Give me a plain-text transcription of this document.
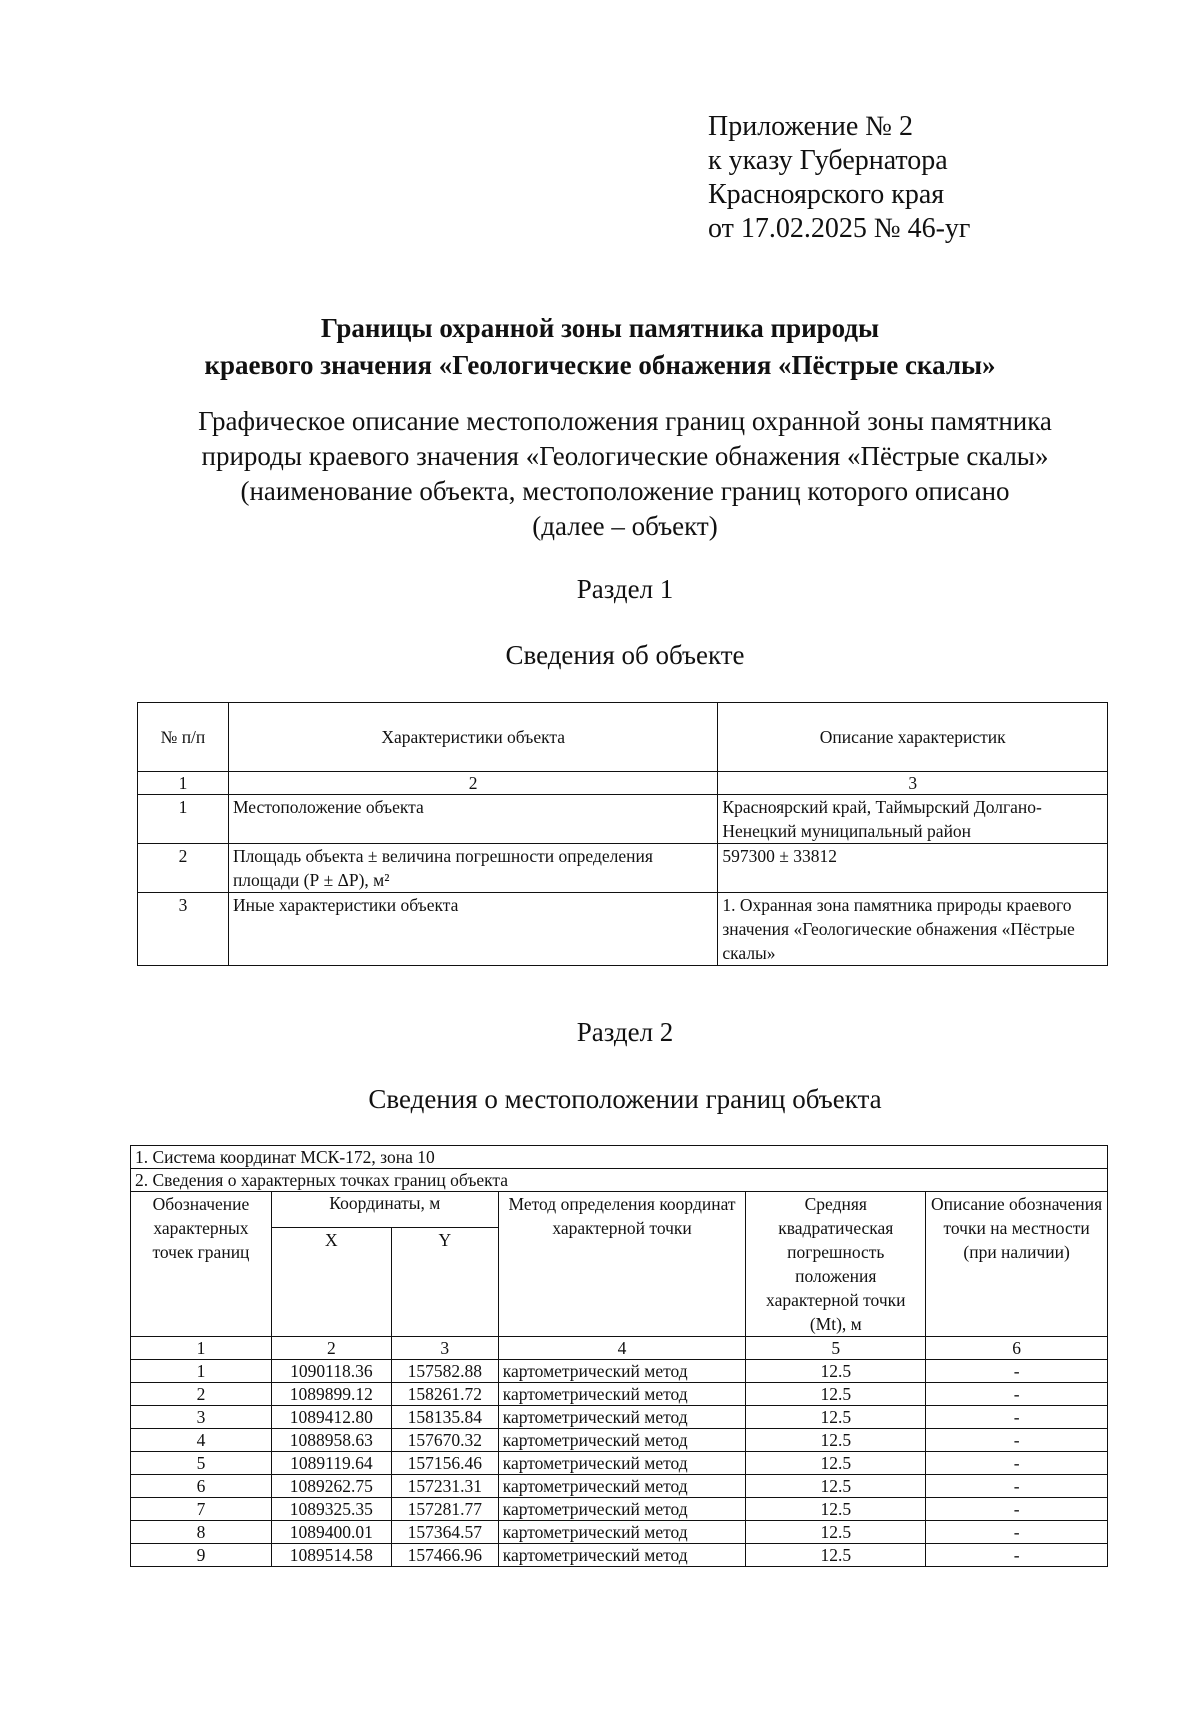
Приложение № 2
к указу Губернатора
Красноярского края
от 17.02.2025 № 46-уг
Границы охранной зоны памятника природы
краевого значения «Геологические обнажения «Пёстрые скалы»
Графическое описание местоположения границ охранной зоны памятника
природы краевого значения «Геологические обнажения «Пёстрые скалы»
(наименование объекта, местоположение границ которого описано
(далее – объект)
Раздел 1
Сведения об объекте
№ п/п	Характеристики объекта	Описание характеристик
1	2	3
1	Местоположение объекта	Красноярский край, Таймырский Долгано-Ненецкий муниципальный район
2	Площадь объекта ± величина погрешности определения площади (Р ± ΔР), м²	597300 ± 33812
3	Иные характеристики объекта	1. Охранная зона памятника природы краевого значения «Геологические обнажения «Пёстрые скалы»
Раздел 2
Сведения о местоположении границ объекта
1. Система координат МСК-172, зона 10					
2. Сведения о характерных точках границ объекта					
Обозначение характерных точек границ	Координаты, м		Метод определения координат характерной точки	Средняя квадратическая погрешность положения характерной точки (Mt), м	Описание обозначения точки на местности (при наличии)
	X	Y			
1	2	3	4	5	6
1	1090118.36	157582.88	картометрический метод	12.5	-
2	1089899.12	158261.72	картометрический метод	12.5	-
3	1089412.80	158135.84	картометрический метод	12.5	-
4	1088958.63	157670.32	картометрический метод	12.5	-
5	1089119.64	157156.46	картометрический метод	12.5	-
6	1089262.75	157231.31	картометрический метод	12.5	-
7	1089325.35	157281.77	картометрический метод	12.5	-
8	1089400.01	157364.57	картометрический метод	12.5	-
9	1089514.58	157466.96	картометрический метод	12.5	-
